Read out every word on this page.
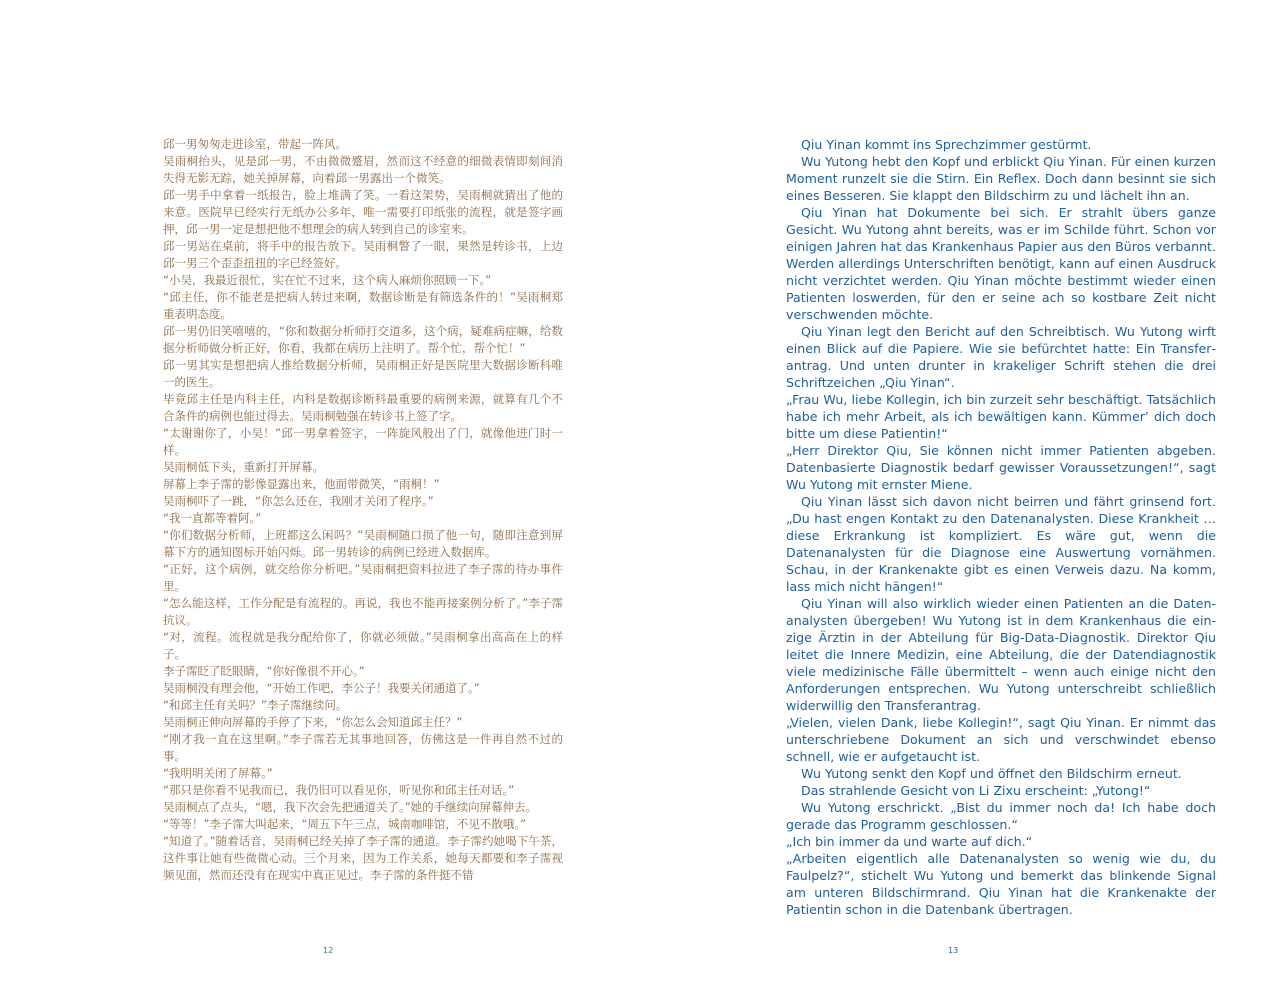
邱一男匆匆走进诊室，带起一阵风。

吴雨桐抬头，见是邱一男，不由微微蹙眉，然而这不经意的细微表情即刻间消失得无影无踪，她关掉屏幕，向着邱一男露出一个微笑。

邱一男手中拿着一纸报告，脸上堆满了笑。一看这架势，吴雨桐就猜出了他的来意。医院早已经实行无纸办公多年，唯一需要打印纸张的流程，就是签字画押，邱一男一定是想把他不想理会的病人转到自己的诊室来。

邱一男站在桌前，将手中的报告放下。吴雨桐瞥了一眼，果然是转诊书，上边邱一男三个歪歪扭扭的字已经签好。

“小吴，我最近很忙，实在忙不过来，这个病人麻烦你照顾一下。”

“邱主任，你不能老是把病人转过来啊，数据诊断是有筛选条件的！”吴雨桐郑重表明态度。

邱一男仍旧笑嘻嘻的，“你和数据分析师打交道多，这个病，疑难病症嘛，给数据分析师做分析正好，你看，我都在病历上注明了。帮个忙，帮个忙！”

邱一男其实是想把病人推给数据分析师，吴雨桐正好是医院里大数据诊断科唯一的医生。

毕竟邱主任是内科主任，内科是数据诊断科最重要的病例来源，就算有几个不合条件的病例也能过得去。吴雨桐勉强在转诊书上签了字。

“太谢谢你了，小吴！”邱一男拿着签字，一阵旋风般出了门，就像他进门时一样。

吴雨桐低下头，重新打开屏幕。

屏幕上李子霈的影像显露出来，他面带微笑，“雨桐！”

吴雨桐吓了一跳，“你怎么还在，我刚才关闭了程序。”

“我一直都等着阿。”

“你们数据分析师，上班都这么闲吗？”吴雨桐随口损了他一句，随即注意到屏幕下方的通知图标开始闪烁。邱一男转诊的病例已经进入数据库。

“正好，这个病例，就交给你分析吧。”吴雨桐把资料拉进了李子霈的待办事件里。

“怎么能这样，工作分配是有流程的。再说，我也不能再接案例分析了。”李子霈抗议。

“对，流程。流程就是我分配给你了，你就必须做。”吴雨桐拿出高高在上的样子。

李子霈眨了眨眼睛，“你好像很不开心。”

吴雨桐没有理会他，“开始工作吧，李公子！我要关闭通道了。”

“和邱主任有关吗？”李子霈继续问。

吴雨桐正伸向屏幕的手停了下来，“你怎么会知道邱主任？”

“刚才我一直在这里啊。”李子霈若无其事地回答，仿佛这是一件再自然不过的事。

“我明明关闭了屏幕。”

“那只是你看不见我而已，我仍旧可以看见你，听见你和邱主任对话。”

吴雨桐点了点头，“嗯，我下次会先把通道关了。”她的手继续向屏幕伸去。

“等等！”李子霈大叫起来，“周五下午三点，城南咖啡馆，不见不散哦。”

“知道了。”随着话音，吴雨桐已经关掉了李子霈的通道。李子霈约她喝下午茶，这件事让她有些微微心动。三个月来，因为工作关系，她每天都要和李子霈视频见面，然而还没有在现实中真正见过。李子霈的条件挺不错

12

Qiu Yinan kommt ins Sprechzimmer gestürmt.

Wu Yutong hebt den Kopf und erblickt Qiu Yinan. Für einen kurzen Moment runzelt sie die Stirn. Ein Reflex. Doch dann besinnt sie sich eines Besseren. Sie klappt den Bildschirm zu und lächelt ihn an.

Qiu Yinan hat Dokumente bei sich. Er strahlt übers ganze Gesicht. Wu Yutong ahnt bereits, was er im Schilde führt. Schon vor einigen Jahren hat das Krankenhaus Papier aus den Büros verbannt. Werden allerdings Unterschriften benötigt, kann auf einen Ausdruck nicht verzichtet werden. Qiu Yinan möchte bestimmt wieder einen Patienten loswerden, für den er seine ach so kostbare Zeit nicht verschwenden möchte.

Qiu Yinan legt den Bericht auf den Schreibtisch. Wu Yutong wirft einen Blick auf die Papiere. Wie sie befürchtet hatte: Ein Transferantrag. Und unten drunter in krakeliger Schrift stehen die drei Schriftzeichen „Qiu Yinan“.

„Frau Wu, liebe Kollegin, ich bin zurzeit sehr beschäftigt. Tatsächlich habe ich mehr Arbeit, als ich bewältigen kann. Kümmer’ dich doch bitte um diese Patientin!“

„Herr Direktor Qiu, Sie können nicht immer Patienten abgeben. Datenbasierte Diagnostik bedarf gewisser Voraussetzungen!“, sagt Wu Yutong mit ernster Miene.

Qiu Yinan lässt sich davon nicht beirren und fährt grinsend fort. „Du hast engen Kontakt zu den Datenanalysten. Diese Krankheit … diese Erkrankung ist kompliziert. Es wäre gut, wenn die Datenanalysten für die Diagnose eine Auswertung vornähmen. Schau, in der Krankenakte gibt es einen Verweis dazu. Na komm, lass mich nicht hängen!“

Qiu Yinan will also wirklich wieder einen Patienten an die Datenanalysten übergeben! Wu Yutong ist in dem Krankenhaus die einzige Ärztin in der Abteilung für Big-Data-Diagnostik. Direktor Qiu leitet die Innere Medizin, eine Abteilung, die der Datendiagnostik viele medizinische Fälle übermittelt – wenn auch einige nicht den Anforderungen entsprechen. Wu Yutong unterschreibt schließlich widerwillig den Transferantrag.

„Vielen, vielen Dank, liebe Kollegin!“, sagt Qiu Yinan. Er nimmt das unterschriebene Dokument an sich und verschwindet ebenso schnell, wie er aufgetaucht ist.

Wu Yutong senkt den Kopf und öffnet den Bildschirm erneut.

Das strahlende Gesicht von Li Zixu erscheint: „Yutong!“

Wu Yutong erschrickt. „Bist du immer noch da! Ich habe doch gerade das Programm geschlossen.“

„Ich bin immer da und warte auf dich.“

„Arbeiten eigentlich alle Datenanalysten so wenig wie du, du Faulpelz?“, stichelt Wu Yutong und bemerkt das blinkende Signal am unteren Bildschirmrand. Qiu Yinan hat die Krankenakte der Patientin schon in die Datenbank übertragen.

13
